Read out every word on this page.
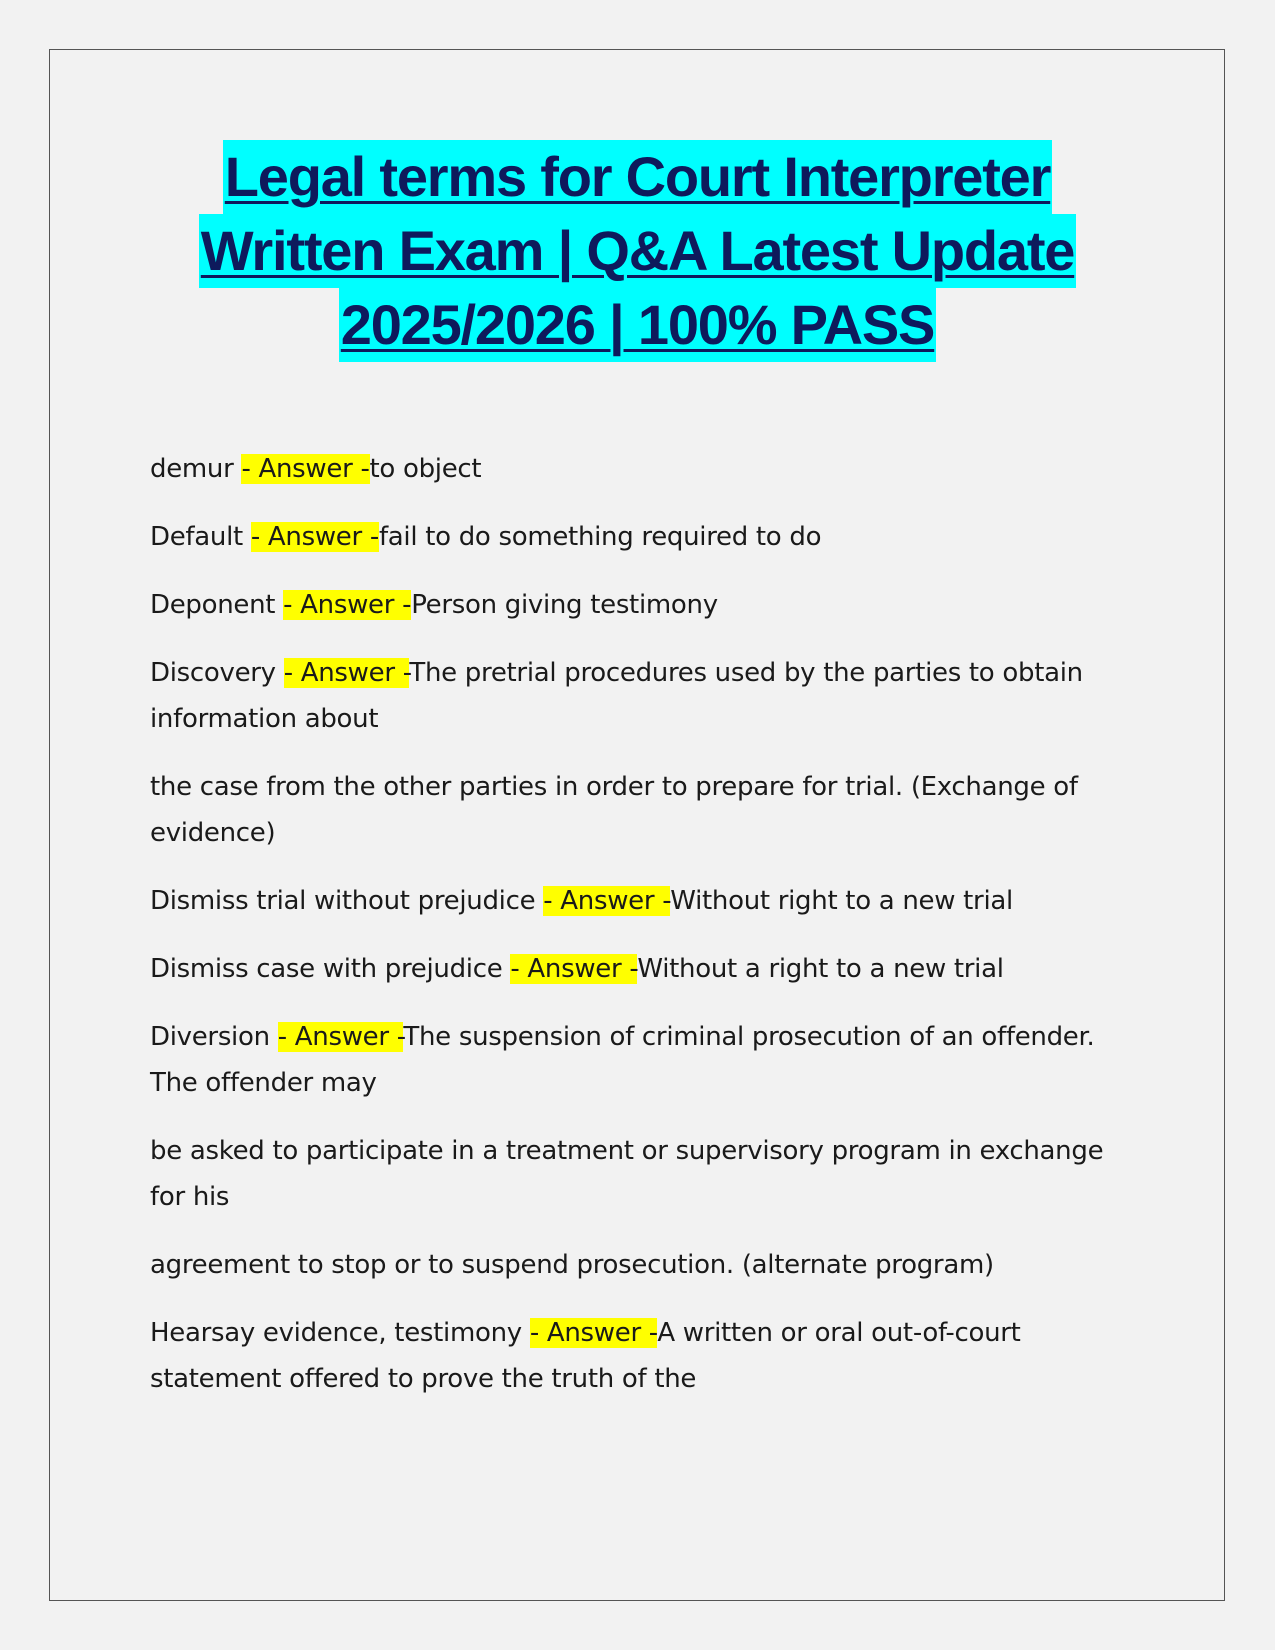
Legal terms for Court Interpreter
Written Exam | Q&A Latest Update
2025/2026 | 100% PASS
demur - Answer -to object
Default - Answer -fail to do something required to do
Deponent - Answer -Person giving testimony
Discovery - Answer -The pretrial procedures used by the parties to obtain information about
the case from the other parties in order to prepare for trial. (Exchange of evidence)
Dismiss trial without prejudice - Answer -Without right to a new trial
Dismiss case with prejudice - Answer -Without a right to a new trial
Diversion - Answer -The suspension of criminal prosecution of an offender. The offender may
be asked to participate in a treatment or supervisory program in exchange for his
agreement to stop or to suspend prosecution. (alternate program)
Hearsay evidence, testimony - Answer -A written or oral out-of-court statement offered to prove the truth of the
